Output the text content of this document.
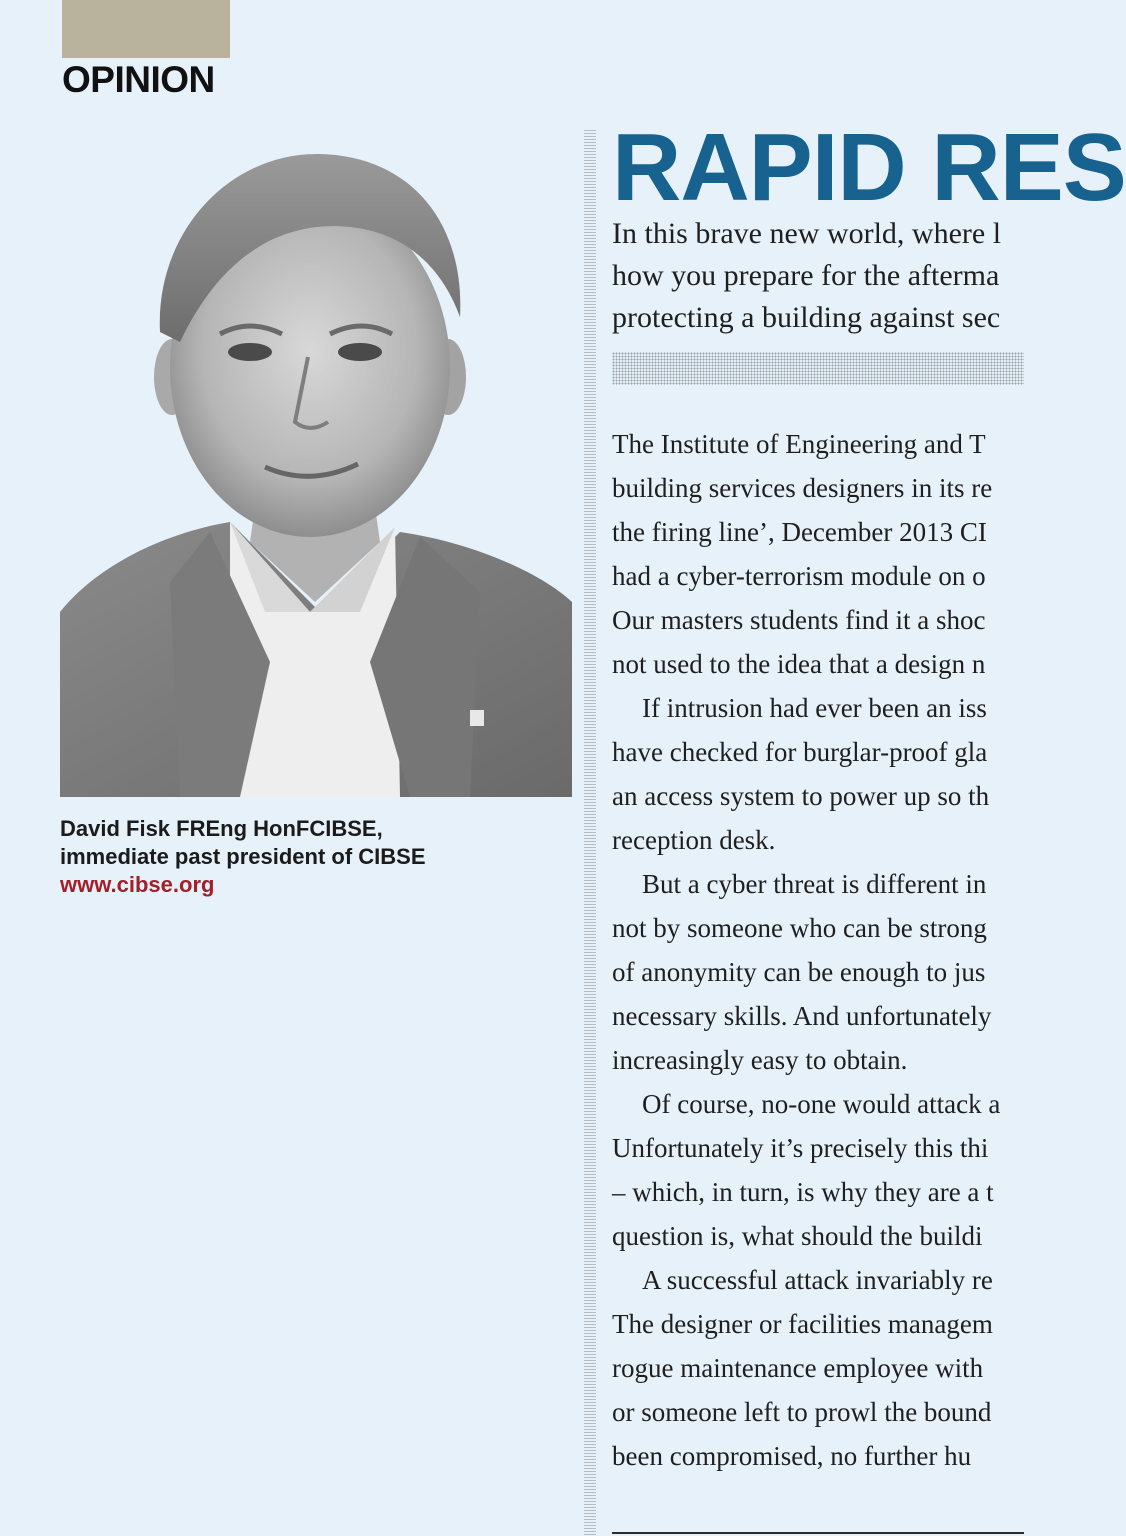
OPINION
David Fisk FREng HonFCIBSE,
immediate past president of CIBSE
www.cibse.org
RAPID RES
In this brave new world, where l
how you prepare for the afterma
protecting a building against sec
The Institute of Engineering and T
building services designers in its re
the firing line’, December 2013 CI
had a cyber-terrorism module on o
Our masters students find it a shoc
not used to the idea that a design n
If intrusion had ever been an iss
have checked for burglar-proof gla
an access system to power up so th
reception desk.
But a cyber threat is different in
not by someone who can be strong
of anonymity can be enough to jus
necessary skills. And unfortunately
increasingly easy to obtain.
Of course, no-one would attack a
Unfortunately it’s precisely this thi
– which, in turn, is why they are a t
question is, what should the buildi
A successful attack invariably re
The designer or facilities managem
rogue maintenance employee with
or someone left to prowl the bound
been compromised, no further hu
